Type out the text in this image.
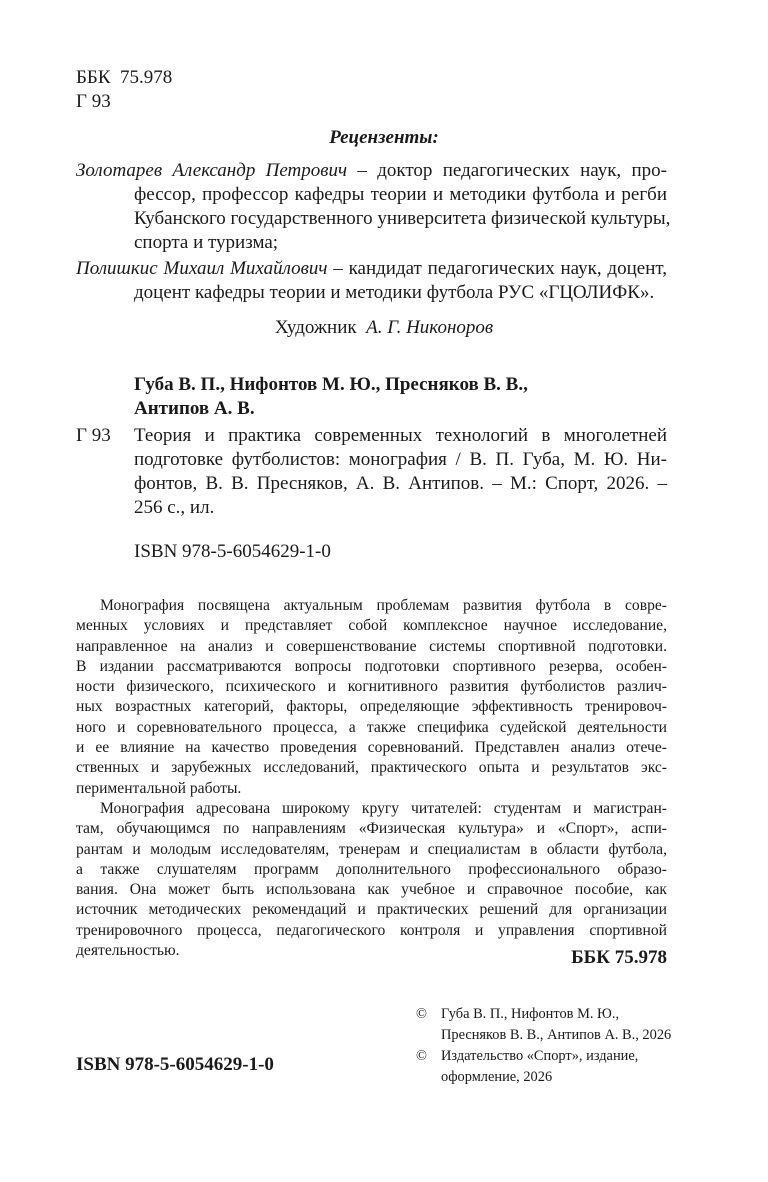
ББК  75.978
Г 93
Рецензенты:
Золотарев Александр Петрович – доктор педагогических наук, про-
фессор, профессор кафедры теории и методики футбола и регби
Кубанского государственного университета физической культуры,
спорта и туризма;
Полишкис Михаил Михайлович – кандидат педагогических наук, доцент,
доцент кафедры теории и методики футбола РУС «ГЦОЛИФК».
Художник А. Г. Никоноров
Губа В. П., Нифонтов М. Ю., Пресняков В. В.,
Антипов А. В.
Г 93 Теория и практика современных технологий в многолетней
подготовке футболистов: монография / В. П. Губа, М. Ю. Ни-
фонтов, В. В. Пресняков, А. В. Антипов. – М.: Спорт, 2026. –
256 с., ил.
ISBN 978-5-6054629-1-0
Монография посвящена актуальным проблемам развития футбола в совре-
менных условиях и представляет собой комплексное научное исследование,
направленное на анализ и совершенствование системы спортивной подготовки.
В издании рассматриваются вопросы подготовки спортивного резерва, особен-
ности физического, психического и когнитивного развития футболистов различ-
ных возрастных категорий, факторы, определяющие эффективность тренировоч-
ного и соревновательного процесса, а также специфика судейской деятельности
и ее влияние на качество проведения соревнований. Представлен анализ отече-
ственных и зарубежных исследований, практического опыта и результатов экс-
периментальной работы.
Монография адресована широкому кругу читателей: студентам и магистран-
там, обучающимся по направлениям «Физическая культура» и «Спорт», аспи-
рантам и молодым исследователям, тренерам и специалистам в области футбола,
а также слушателям программ дополнительного профессионального образо-
вания. Она может быть использована как учебное и справочное пособие, как
источник методических рекомендаций и практических решений для организации
тренировочного процесса, педагогического контроля и управления спортивной
деятельностью.	ББК 75.978
© Губа В. П., Нифонтов М. Ю.,
Пресняков В. В., Антипов А. В., 2026
© Издательство «Спорт», издание,
оформление, 2026
ISBN 978-5-6054629-1-0
